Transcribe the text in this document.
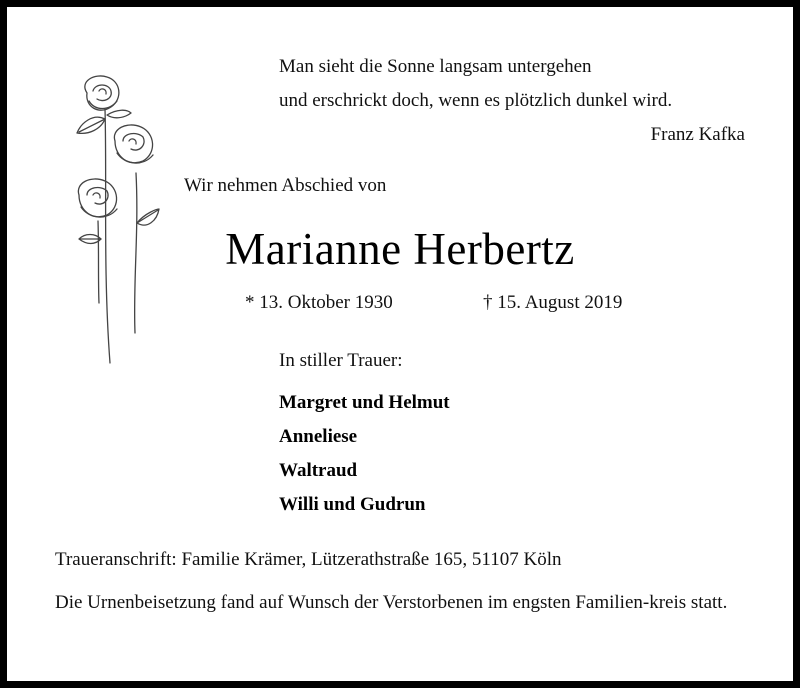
Man sieht die Sonne langsam untergehen
und erschrickt doch, wenn es plötzlich dunkel wird.
Franz Kafka
Wir nehmen Abschied von
Marianne Herbertz
* 13. Oktober 1930	† 15. August 2019
In stiller Trauer:
Margret und Helmut
Anneliese
Waltraud
Willi und Gudrun
Traueranschrift: Familie Krämer, Lützerathstraße 165, 51107 Köln
Die Urnenbeisetzung fand auf Wunsch der Verstorbenen im engsten Familien-kreis statt.
